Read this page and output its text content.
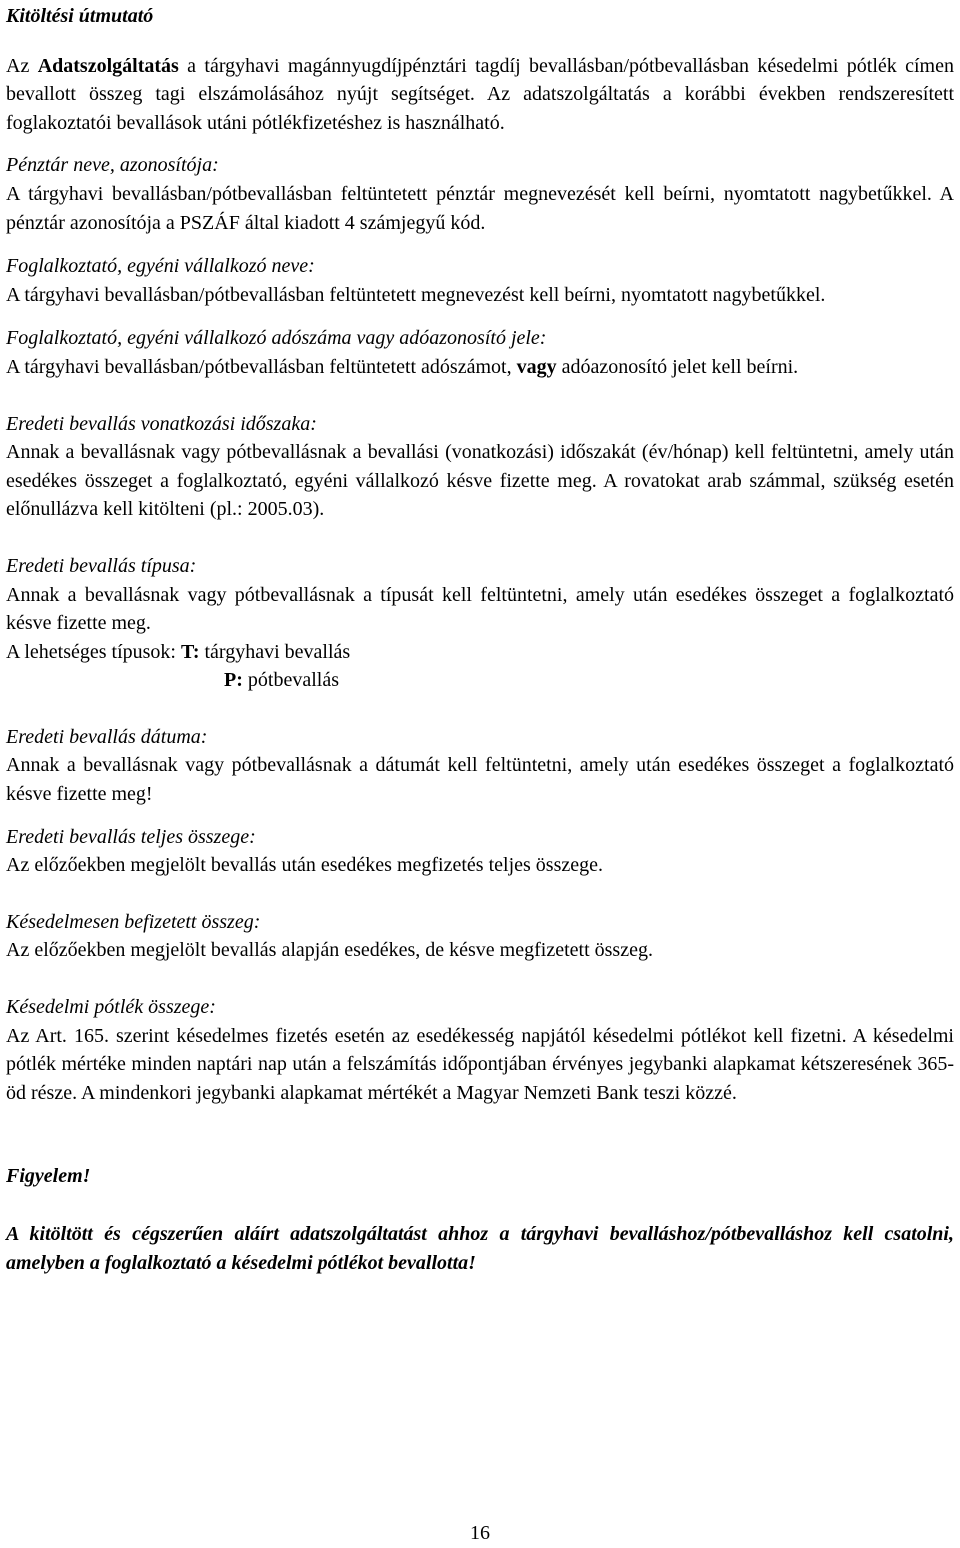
Kitöltési útmutató

Az Adatszolgáltatás a tárgyhavi magánnyugdíjpénztári tagdíj bevallásban/pótbevallásban késedelmi pótlék címen bevallott összeg tagi elszámolásához nyújt segítséget. Az adatszolgáltatás a korábbi években rendszeresített foglakoztatói bevallások utáni pótlékfizetéshez is használható.

Pénztár neve, azonosítója:

A tárgyhavi bevallásban/pótbevallásban feltüntetett pénztár megnevezését kell beírni, nyomtatott nagybetűkkel. A pénztár azonosítója a PSZÁF által kiadott 4 számjegyű kód.

Foglalkoztató, egyéni vállalkozó neve:

A tárgyhavi bevallásban/pótbevallásban feltüntetett megnevezést kell beírni, nyomtatott nagybetűkkel.

Foglalkoztató, egyéni vállalkozó adószáma vagy adóazonosító jele:

A tárgyhavi bevallásban/pótbevallásban feltüntetett adószámot, vagy adóazonosító jelet kell beírni.

Eredeti bevallás vonatkozási időszaka:

Annak a bevallásnak vagy pótbevallásnak a bevallási (vonatkozási) időszakát (év/hónap) kell feltüntetni, amely után esedékes összeget a foglalkoztató, egyéni vállalkozó késve fizette meg. A rovatokat arab számmal, szükség esetén előnullázva kell kitölteni (pl.: 2005.03).

Eredeti bevallás típusa:

Annak a bevallásnak vagy pótbevallásnak a típusát kell feltüntetni, amely után esedékes összeget a foglalkoztató késve fizette meg.

A lehetséges típusok: T: tárgyhavi bevallás
P: pótbevallás

Eredeti bevallás dátuma:

Annak a bevallásnak vagy pótbevallásnak a dátumát kell feltüntetni, amely után esedékes összeget a foglalkoztató késve fizette meg!

Eredeti bevallás teljes összege:

Az előzőekben megjelölt bevallás után esedékes megfizetés teljes összege.

Késedelmesen befizetett összeg:

Az előzőekben megjelölt bevallás alapján esedékes, de késve megfizetett összeg.

Késedelmi pótlék összege:

Az Art. 165. szerint késedelmes fizetés esetén az esedékesség napjától késedelmi pótlékot kell fizetni. A késedelmi pótlék mértéke minden naptári nap után a felszámítás időpontjában érvényes jegybanki alapkamat kétszeresének 365-öd része. A mindenkori jegybanki alapkamat mértékét a Magyar Nemzeti Bank teszi közzé.

Figyelem!

A kitöltött és cégszerűen aláírt adatszolgáltatást ahhoz a tárgyhavi bevalláshoz/pótbevalláshoz kell csatolni, amelyben a foglalkoztató a késedelmi pótlékot bevallotta!

16
